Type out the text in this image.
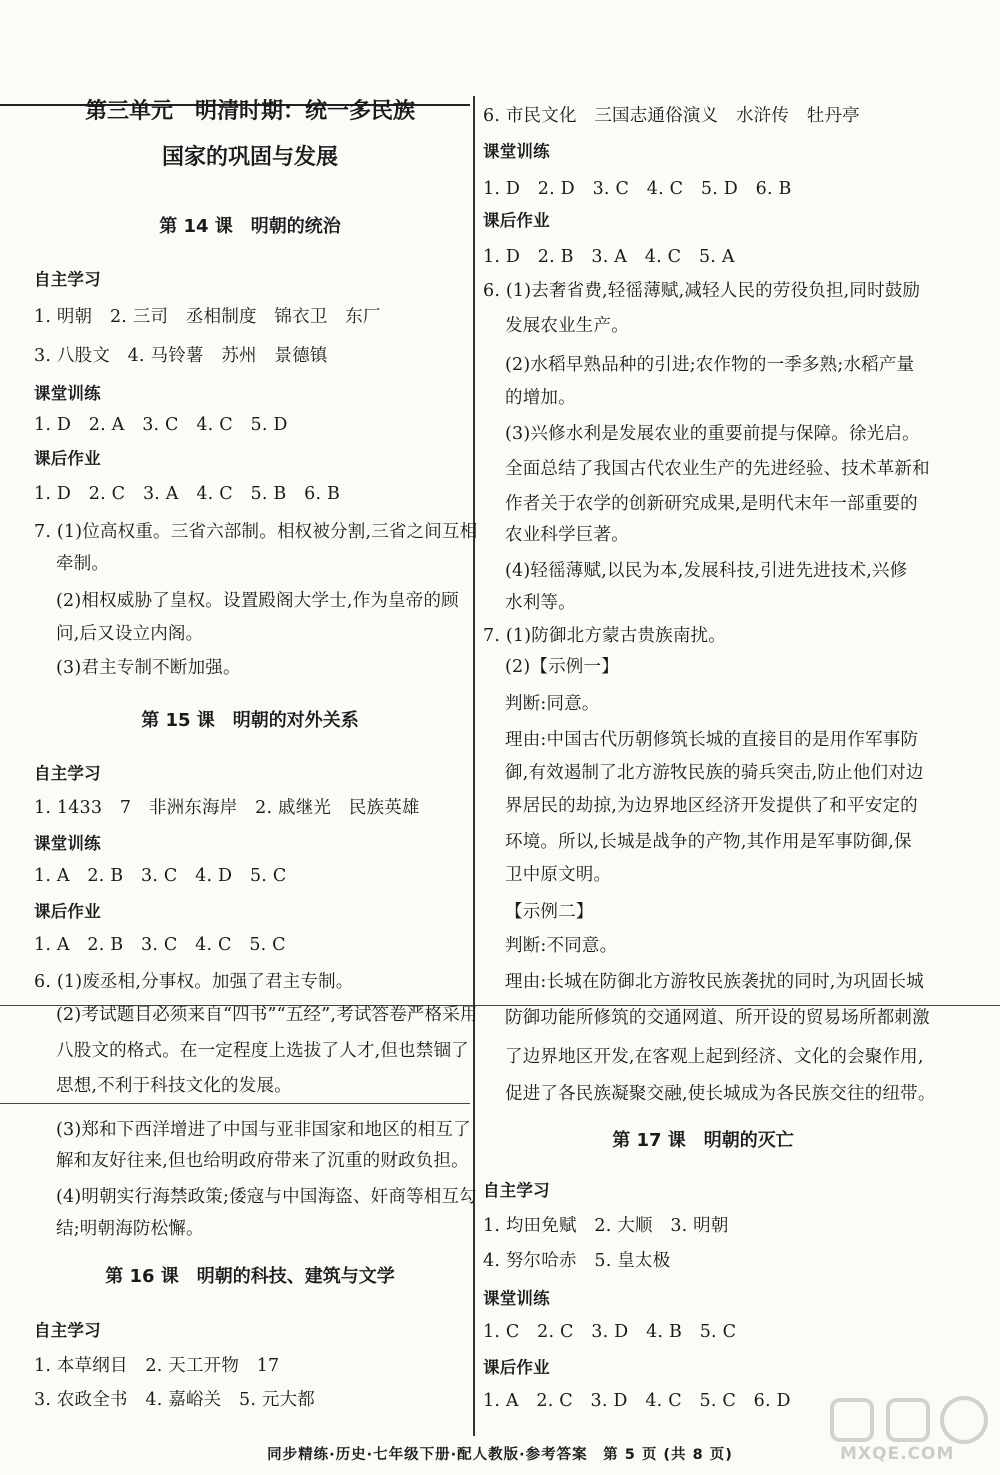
第三单元　明清时期：统一多民族
国家的巩固与发展
第 14 课　明朝的统治
自主学习
1. 明朝　2. 三司　丞相制度　锦衣卫　东厂
3. 八股文　4. 马铃薯　苏州　景德镇
课堂训练
1. D　2. A　3. C　4. C　5. D
课后作业
1. D　2. C　3. A　4. C　5. B　6. B
7. (1)位高权重。三省六部制。相权被分割,三省之间互相
牵制。
(2)相权威胁了皇权。设置殿阁大学士,作为皇帝的顾
问,后又设立内阁。
(3)君主专制不断加强。
第 15 课　明朝的对外关系
自主学习
1. 1433　7　非洲东海岸　2. 戚继光　民族英雄
课堂训练
1. A　2. B　3. C　4. D　5. C
课后作业
1. A　2. B　3. C　4. C　5. C
6. (1)废丞相,分事权。加强了君主专制。
(2)考试题目必须来自“四书”“五经”,考试答卷严格采用
八股文的格式。在一定程度上选拔了人才,但也禁锢了
思想,不利于科技文化的发展。
(3)郑和下西洋增进了中国与亚非国家和地区的相互了
解和友好往来,但也给明政府带来了沉重的财政负担。
(4)明朝实行海禁政策;倭寇与中国海盗、奸商等相互勾
结;明朝海防松懈。
第 16 课　明朝的科技、建筑与文学
自主学习
1. 本草纲目　2. 天工开物　17
3. 农政全书　4. 嘉峪关　5. 元大都
6. 市民文化　三国志通俗演义　水浒传　牡丹亭
课堂训练
1. D　2. D　3. C　4. C　5. D　6. B
课后作业
1. D　2. B　3. A　4. C　5. A
6. (1)去奢省费,轻徭薄赋,减轻人民的劳役负担,同时鼓励
发展农业生产。
(2)水稻早熟品种的引进;农作物的一季多熟;水稻产量
的增加。
(3)兴修水利是发展农业的重要前提与保障。徐光启。
全面总结了我国古代农业生产的先进经验、技术革新和
作者关于农学的创新研究成果,是明代末年一部重要的
农业科学巨著。
(4)轻徭薄赋,以民为本,发展科技,引进先进技术,兴修
水利等。
7. (1)防御北方蒙古贵族南扰。
(2)【示例一】
判断:同意。
理由:中国古代历朝修筑长城的直接目的是用作军事防
御,有效遏制了北方游牧民族的骑兵突击,防止他们对边
界居民的劫掠,为边界地区经济开发提供了和平安定的
环境。所以,长城是战争的产物,其作用是军事防御,保
卫中原文明。
【示例二】
判断:不同意。
理由:长城在防御北方游牧民族袭扰的同时,为巩固长城
防御功能所修筑的交通网道、所开设的贸易场所都刺激
了边界地区开发,在客观上起到经济、文化的会聚作用,
促进了各民族凝聚交融,使长城成为各民族交往的纽带。
第 17 课　明朝的灭亡
自主学习
1. 均田免赋　2. 大顺　3. 明朝
4. 努尔哈赤　5. 皇太极
课堂训练
1. C　2. C　3. D　4. B　5. C
课后作业
1. A　2. C　3. D　4. C　5. C　6. D
同步精练·历史·七年级下册·配人教版·参考答案　第 5 页 (共 8 页)	MXQE.COM
